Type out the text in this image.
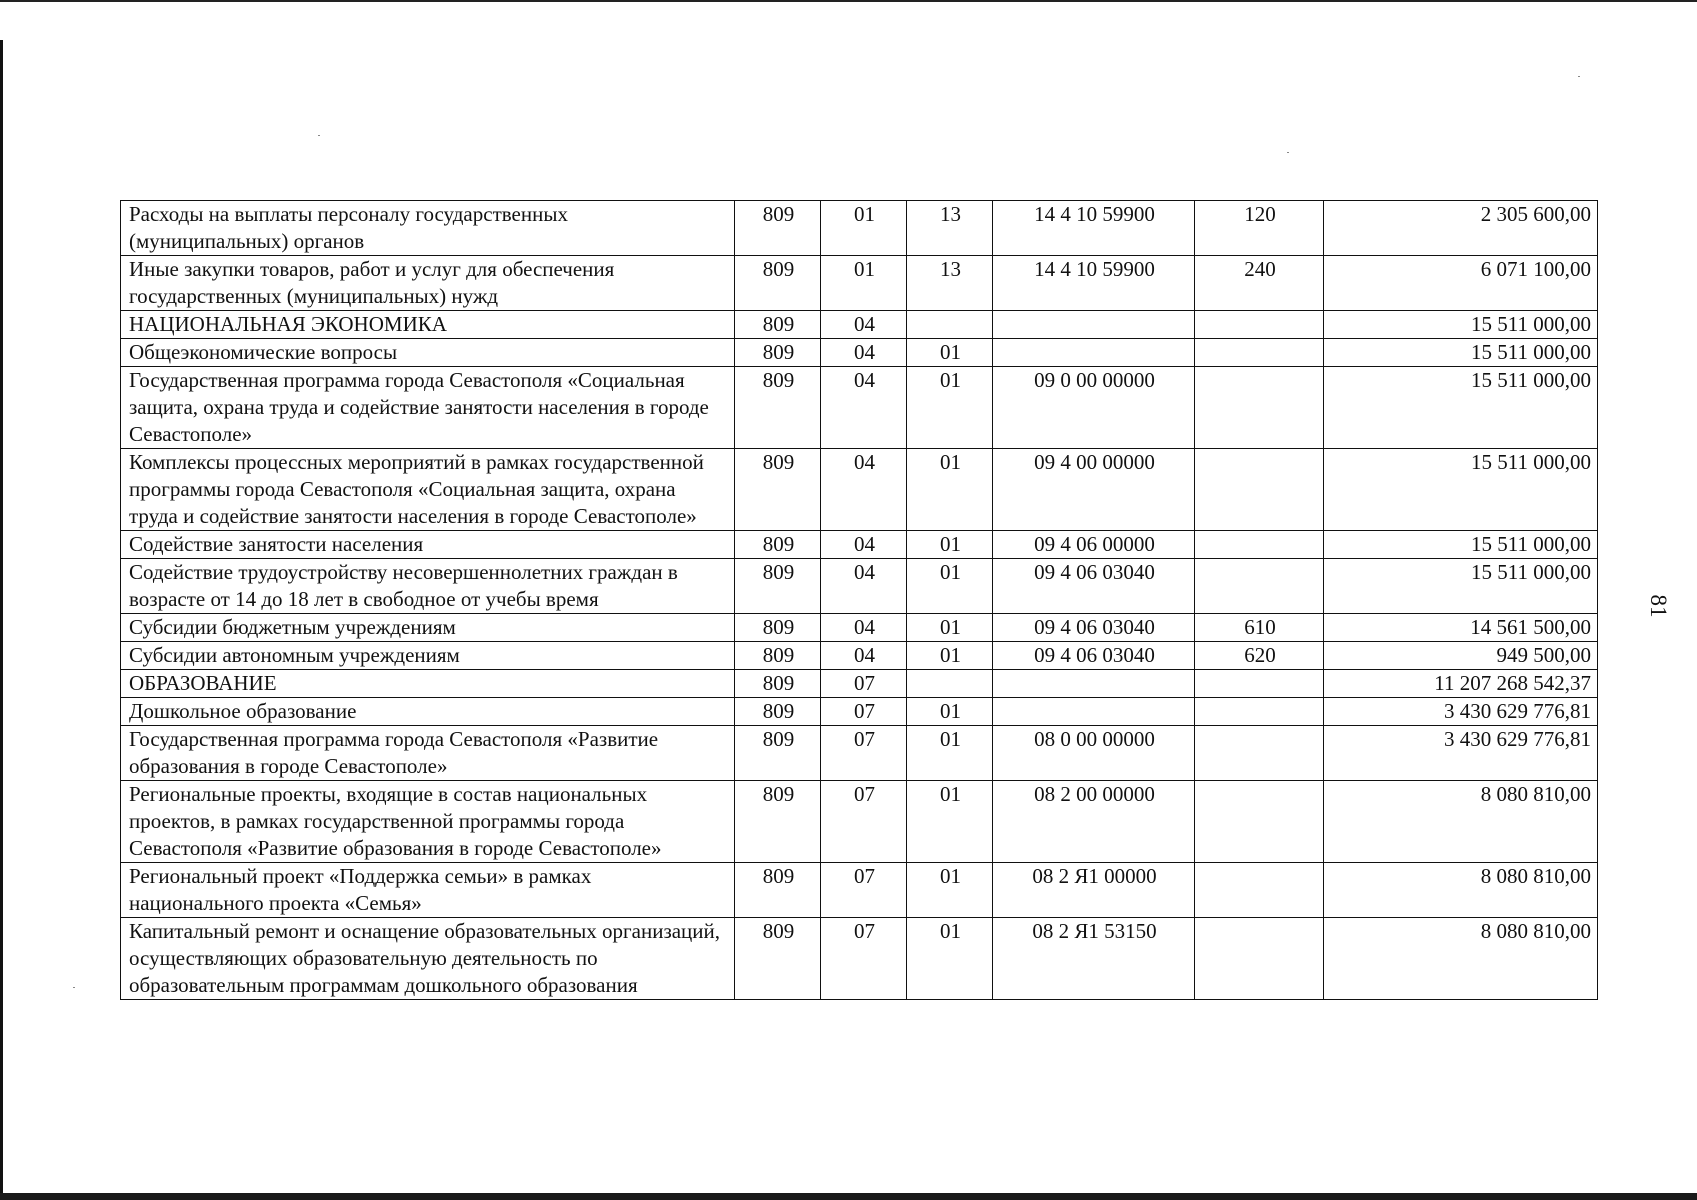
81
Расходы на выплаты персоналу государственных (муниципальных) органов	809	01	13	14 4 10 59900	120	2 305 600,00
Иные закупки товаров, работ и услуг для обеспечения государственных (муниципальных) нужд	809	01	13	14 4 10 59900	240	6 071 100,00
НАЦИОНАЛЬНАЯ ЭКОНОМИКА	809	04				15 511 000,00
Общеэкономические вопросы	809	04	01			15 511 000,00
Государственная программа города Севастополя «Социальная защита, охрана труда и содействие занятости населения в городе Севастополе»	809	04	01	09 0 00 00000		15 511 000,00
Комплексы процессных мероприятий в рамках государственной программы города Севастополя «Социальная защита, охрана труда и содействие занятости населения в городе Севастополе»	809	04	01	09 4 00 00000		15 511 000,00
Содействие занятости населения	809	04	01	09 4 06 00000		15 511 000,00
Содействие трудоустройству несовершеннолетних граждан в возрасте от 14 до 18 лет в свободное от учебы время	809	04	01	09 4 06 03040		15 511 000,00
Субсидии бюджетным учреждениям	809	04	01	09 4 06 03040	610	14 561 500,00
Субсидии автономным учреждениям	809	04	01	09 4 06 03040	620	949 500,00
ОБРАЗОВАНИЕ	809	07				11 207 268 542,37
Дошкольное образование	809	07	01			3 430 629 776,81
Государственная программа города Севастополя «Развитие образования в городе Севастополе»	809	07	01	08 0 00 00000		3 430 629 776,81
Региональные проекты, входящие в состав национальных проектов, в рамках государственной программы города Севастополя «Развитие образования в городе Севастополе»	809	07	01	08 2 00 00000		8 080 810,00
Региональный проект «Поддержка семьи» в рамках национального проекта «Семья»	809	07	01	08 2 Я1 00000		8 080 810,00
Капитальный ремонт и оснащение образовательных организаций, осуществляющих образовательную деятельность по образовательным программам дошкольного образования	809	07	01	08 2 Я1 53150		8 080 810,00
